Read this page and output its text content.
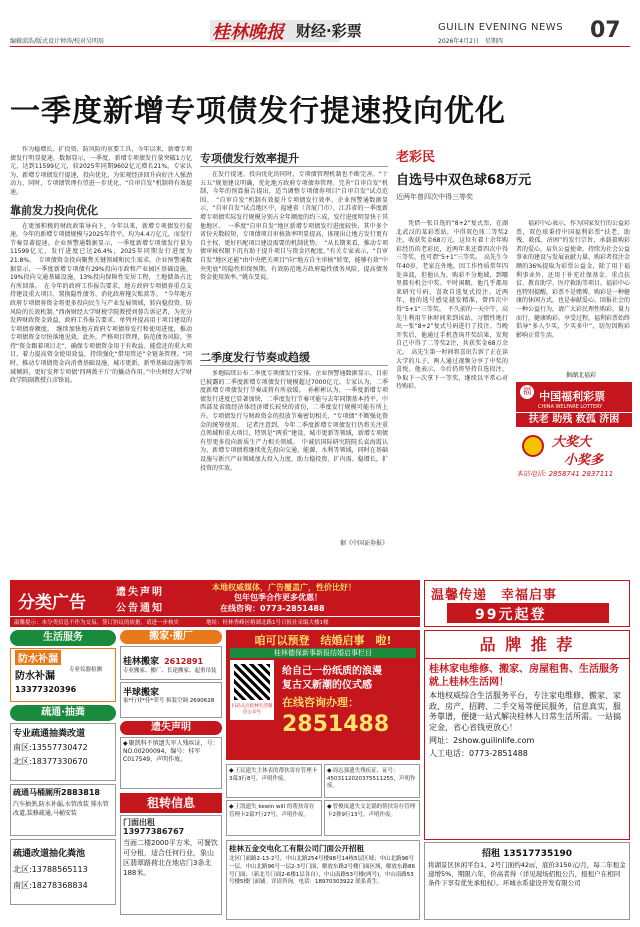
编辑邱浩/版式设计钟涛/校对吴明辰	桂林晚报 财经·彩票	GUILIN EVENING NEWS
2026年4月2日　星期四	07
一季度新增专项债发行提速投向优化

作为稳增长、扩投资、防风险的重要工具，今年以来，新增专项债发行明显提速，数据显示，一季度，新增专项债发行量突破1万亿元，达到11599亿元，较2025年同期9602亿元增长21%。专家认为，新增专项债发行提速，投向优化，为宏观经济回升向好注入强劲动力，同时，专项债管理有望进一步优化，“自审自发”机制将有效提速。

靠前发力投向优化

在更加积极的财政政策导向下，今年以来，新增专项债发行提速。今年的新增专项债规模与2025年持平，均为4.4万亿元，而发行节奏显著提速。企业预警通数据显示，一季度新增专项债发行量为11599亿元，发行进度已达26.4%，2025年同期发行进度为21.8%。　专项债资金投向聚焦关键领域和民生需求。企业预警通数据显示，一季度新增专项债有29%投向市政和产业园区基础设施，19%投向交通基础设施，13%投向保障性安居工程，土地储备占比有所回落。　在今年的政府工作报告要求，地方政府专项债券重点支持建设重大项目、置换隐性债务、消化政府拖欠账款等。　“今年地方政府专项债券资金将更多投向民生与产业发展领域，转向稳投资、防风险的长效机制。”西南财经大学财税学院教授刘蓉告诉记者，为充分发挥财政资金效益，政府工作报告要求，单列并提高用于项目建设的专项债券额度。　继续加快地方政府专项债券发行和使用进度，推动专项债资金尽快落地见效。此外，严格项目管理，防范债务风险，坚持“资金跟着项目走”，确保专项债资金用于有收益、能偿还的重大项目，着力提高资金使用效益，持续强化“借用管还”全链条管理。“同时，推动专项债资金向消费基础设施、城市更新、新型基础设施等领域倾斜，更好发挥专项债‘四两拨千斤’的撬动作用。”中央财经大学财政学院副教授白彦锋说。

专项债发行效率提升

在发行提速、投向优化的同时，专项债管理机制也不断完善。“十五五”规划建议明确，优化地方政府专项债券管理。完善“自审自发”机制，今年的预算报告提出，适当调整专项债券项目“自审自发”试点范围。　“自审自发”机制有效提升专项债发行效率。企业预警通数据显示，“自审自发”试点地区中，福建省（含厦门市）、江苏省的一季度新增专项债实际发行规模分别占全年额度的约三成，发行进度明显快于其他地区。　一季度“自审自发”地区新增专项债发行进度较快，其中多个省份天数较短，专项债项目审核效率明显提高，体现出让地方发行更有自主权、更好匹配项目建设需要的机制优势。　“从长期来看，推动专项债审核权限下沉有助于提升项目与资金匹配度，”有关专家表示，“自审自发”地区还能“由中央把关项目”向“地方自主审核”转变，能够有效“中央兜底”的隐性担保预期，有效防范地方政府隐性债务风险，提高债务资金使用效率。”姚东旻说。

二季度发行节奏或趋缓

多地陆续公布二季度专项债发行安排。企业预警通数据显示，目前已披露的二季度新增专项债发行规模超过7000亿元。专家认为，二季度新增专项债发行节奏或将有所放缓。　孙彬彬认为，一季度新增专项债发行进度已显著加快，二季度发行节奏可能与去年同期基本持平。中西部及省级经济体经济增长较快的省份，二季度发行规模可能有所上升。专项债发行与财政资金的投放节奏密切相关，“专项债”不断强化资金的统筹使用。　记者注意到，今年二季度新增专项债发行仍将关注重点领域和重大项目，特别是“两重”建设、城市更新等领域，新增专项债有望更多投向新质生产力相关领域。　中诚信国际研究院院长袁海霞认为，新增专项债将继续优先投向交通、能源、水利等领域，同时在基础设施与新兴产业领域加大投入力度，助力稳投资、扩内需、稳增长，扩投资的实效。

据《中国证券报》
老彩民
自选号中双色球68万元
近两年曾四次中得三等奖

凭借一张自选的“8+2”复式票，在湖北武汉的某彩票站，中得双色球二等奖2注，收获奖金68万元。这位有着十余年购彩经历的老彩民，近两年来还曾四次中得三等奖，也可谓“5+1”三等奖。　高先生今年40岁，老家在外地，因工作性质常年四处奔波，但他认为，购彩不分地域，到哪里都有机会中奖。平时闲暇，他几乎都用来研究号码，喜欢自选复式投注。近两年，他的选号感觉越发精准，曾四次中得“5+1”三等奖。　不久前的一天中午，高先生利用午休时间来到该站，习惯性地打出一张“8+2”复式号码进行了投注。当晚开奖后，他通过手机查询开奖结果，发现自己中得了二等奖2注，共获奖金68万余元。　高先生第一时间将喜讯告诉了正在读大学的儿子，两人通过视频分享了中奖的喜悦。他表示，今后仍将坚持自选投注，争取下一次拿下一等奖，继续以平常心对待购彩。

福彩中心表示，作为国家发行的公益彩票，双色球秉持中国福利彩票“扶老、助残、救孤、济困”的发行宗旨，承载着购彩者的爱心，肩负公益使命，持续为社会公益事业的建设与发展贡献力量。购彩者投注金额的36%提取为彩票公益金，除了用于福利事业外，还用于补充社保基金、重点扶贫、教育助学、医疗救助等项目。福彩中心也特别提醒，彩票不是赌博，购彩是一种健康的休闲方式，也是奉献爱心、回报社会的一种公益行为，请广大彩民理性购彩，量力而行，健康购彩。享受过程，福利彩票始终倡导“多人少买，少买多中”，切勿因购彩影响正常生活。

据湖北福彩
福 中国福利彩票
CHINA WELFARE LOTTERY
扶老 助残 救孤 济困
大奖大
小奖多
本站电话: 2858741 2837111
分类广告
遗失声明
公告通知
本地权威媒体，广告覆盖广，性价比好！
包年包季合作更多优惠！
在线咨询：0773-2851488
温馨提示：本分类信息不作为交易、签订协议的依据，请进一步核实	地址：桂林秀峰区榕湖北路1号日报社采编大楼1楼
温馨传递　幸福启事
99元起登
生活服务
防水补漏
防水补漏
专业仪器检测
13377320396
疏通·抽粪
专业疏通抽粪改道
南区:13557730472
北区:18377330670
疏通马桶厕所2883818
汽车抽粪,防水补漏,水管改装 排水管改道,装修疏通,马桶安装
疏通改道抽化粪池
北区:13788565113
南区:18278368834
搬家·搬厂
桂林搬家 2612891
专业搬家、搬厂、长途搬家、起重吊装
半球搬家
家*行业*佳*荣号 拆装空调 2690628
遗失声明
◆ 聚凯科不慎遗失军人残疾证，号：NO.00200094，编号：桂军C017549，声明作废。
租转信息
门面出租 13977386767
当面二楼2000平方米，可餐饮可分租，适合任何行业，象山区翡翠路荷北在地店门3条北188米。
咱可以预登　结婚启事　啦!
桂林德保新事新报结婚启事栏目
扫码关注桂林生活微信公众号
给自己一份纸质的浪漫
复古又新潮的仪式感
在线咨询办理：
2851488
◆ 王民遗失主体表的帮扶寄存管理卡3幕3行8号，声明作废。
◆ 周志强遗失残疾证，证号：4503112020375511255，声明作废。
◆ 王凯遗失 kewin will 的帮扶寄存管理卡2幕7行27号，声明作废。
◆ 曾俊岚遗失文北锅的帮扶寄存管理卡2排9行13号，声明作废。
桂林五金交电化工有限公司门面公开招租
北区门面路2-13-2号，中山北路254号楼98号14栋5层区域；中山北路96号一层，中山北路96号一层2-3号门面，解放东路2号楼门面区域，解放东路86号门面；（新北号门面2-6楼1层各自），中山南路53号楼(两号)，中山南路53号楼5楼门面铺。详请咨询，电话：18970303922 联系黄生。
品 牌 推 荐
桂林家电维修、搬家、房屋租售、生活服务就上桂林生活网！
本地权威综合生活服务平台，专注家电维修、搬家、家政、房产、招聘、二手交易等便民服务，信息真实，服务靠谱，便捷一站式解决桂林人日常生活所需。一站搞定金，省心省钱更放心！
网址：2show.guilinlife.com
人工电话：0773-2851488
招租 13517735190
将湖景区休闲平台1、2号门面约42㎡，底价3150元/月，每二年租金递增5%，期限六年，价高者得（详见现场招租公告，报租户在相同条件下享有优先承租权）。环城水系建设开发有限公司
